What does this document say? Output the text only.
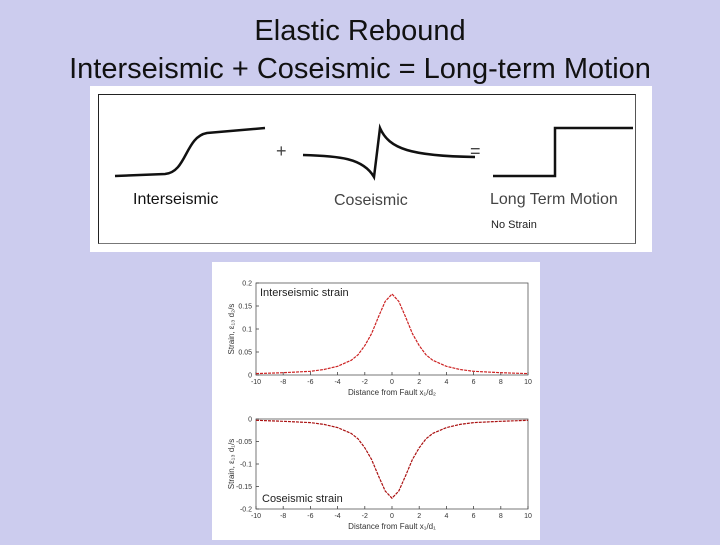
Elastic Rebound
Interseismic + Coseismic = Long-term Motion
+	=
Interseismic	Coseismic	Long Term Motion
No Strain
-10	-8	-6	-4	-2	0	2	4	6	8	10
0
0.05
0.1
0.15
0.2
Interseismic strain
Distance from Fault x₁/d₂
Strain, ε₁₃ d₂/s
-10	-8	-6	-4	-2	0	2	4	6	8	10
0
-0.05
-0.1
-0.15
-0.2
Coseismic strain
Distance from Fault x₁/d₁
Strain, ε₁₃ d₁/s
